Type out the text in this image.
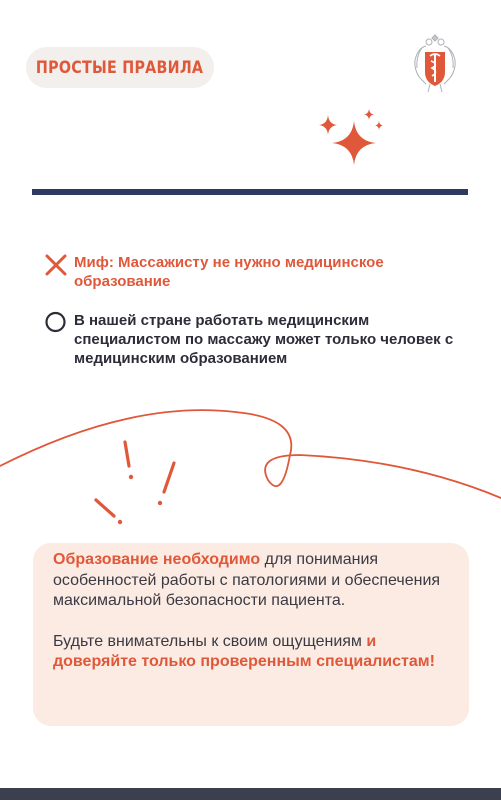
ПРОСТЫЕ ПРАВИЛА
Миф: Массажисту не нужно медицинское образование
В нашей стране работать медицинским специалистом по массажу может только человек с медицинским образованием

Образование необходимо для понимания особенностей работы с патологиями и обеспечения максимальной безопасности пациента.

Будьте внимательны к своим ощущениям и доверяйте только проверенным специалистам!
